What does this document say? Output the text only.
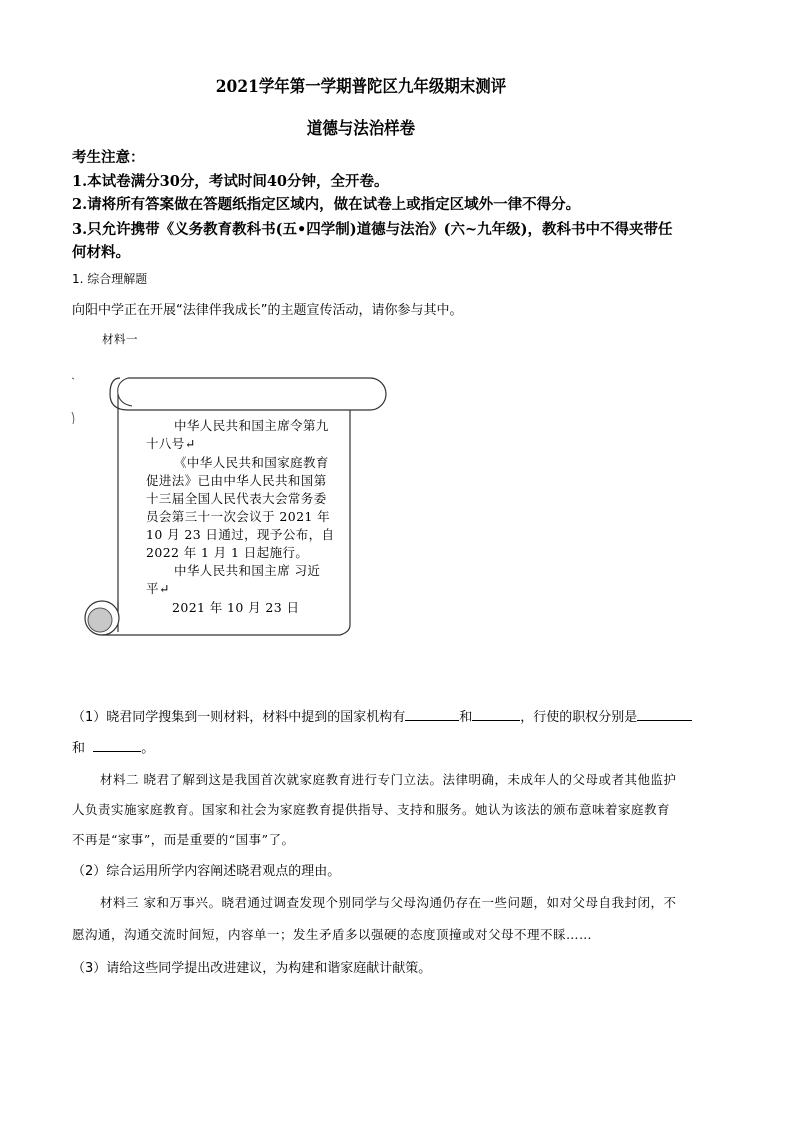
2021学年第一学期普陀区九年级期末测评
道德与法治样卷
考生注意：
1.本试卷满分30分，考试时间40分钟，全开卷。
2.请将所有答案做在答题纸指定区域内，做在试卷上或指定区域外一律不得分。
3.只允许携带《义务教育教科书(五•四学制)道德与法治》(六~九年级)，教科书中不得夹带任
何材料。
1. 综合理解题
向阳中学正在开展“法律伴我成长”的主题宣传活动，请你参与其中。
材料一
中华人民共和国主席令第九
十八号↵
《中华人民共和国家庭教育
促进法》已由中华人民共和国第
十三届全国人民代表大会常务委
员会第三十一次会议于 2021 年
10 月 23 日通过，现予公布，自
2022 年 1 月 1 日起施行。
中华人民共和国主席 习近
平↵
2021 年 10 月 23 日
（1）晓君同学搜集到一则材料，材料中提到的国家机构有	和	，行使的职权分别是
和	。
材料二 晓君了解到这是我国首次就家庭教育进行专门立法。法律明确，未成年人的父母或者其他监护
人负责实施家庭教育。国家和社会为家庭教育提供指导、支持和服务。她认为该法的颁布意味着家庭教育
不再是“家事”，而是重要的“国事”了。
（2）综合运用所学内容阐述晓君观点的理由。
材料三 家和万事兴。晓君通过调查发现个别同学与父母沟通仍存在一些问题，如对父母自我封闭，不
愿沟通，沟通交流时间短，内容单一；发生矛盾多以强硬的态度顶撞或对父母不理不睬……
（3）请给这些同学提出改进建议，为构建和谐家庭献计献策。
